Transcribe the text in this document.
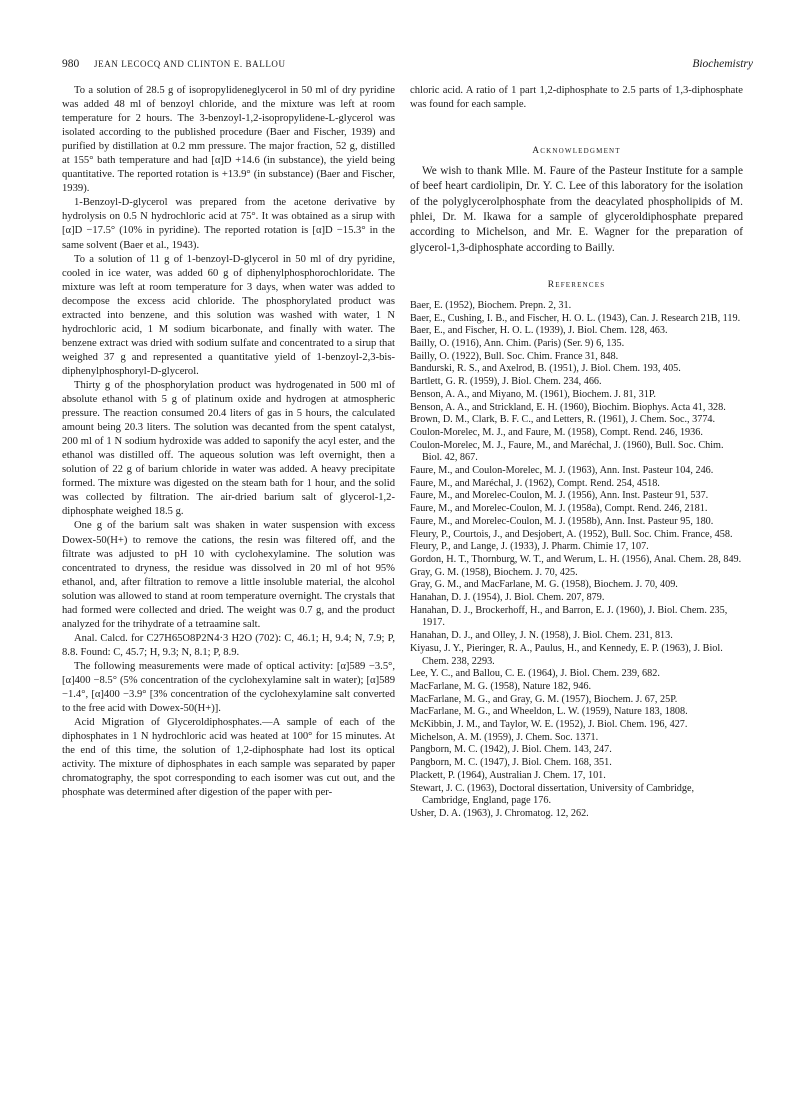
980 JEAN LECOCQ AND CLINTON E. BALLOU	Biochemistry

To a solution of 28.5 g of isopropylideneglycerol in 50 ml of dry pyridine was added 48 ml of benzoyl chloride, and the mixture was left at room temperature for 2 hours. The 3-benzoyl-1,2-isopropylidene-L-glycerol was isolated according to the published procedure (Baer and Fischer, 1939) and purified by distillation at 0.2 mm pressure. The major fraction, 52 g, distilled at 155° bath temperature and had [α]D +14.6 (in substance), the yield being quantitative. The reported rotation is +13.9° (in substance) (Baer and Fischer, 1939).

1-Benzoyl-D-glycerol was prepared from the acetone derivative by hydrolysis on 0.5 N hydrochloric acid at 75°. It was obtained as a sirup with [α]D −17.5° (10% in pyridine). The reported rotation is [α]D −15.3° in the same solvent (Baer et al., 1943).

To a solution of 11 g of 1-benzoyl-D-glycerol in 50 ml of dry pyridine, cooled in ice water, was added 60 g of diphenylphosphorochloridate. The mixture was left at room temperature for 3 days, when water was added to decompose the excess acid chloride. The phosphorylated product was extracted into benzene, and this solution was washed with water, 1 N hydrochloric acid, 1 M sodium bicarbonate, and finally with water. The benzene extract was dried with sodium sulfate and concentrated to a sirup that weighed 37 g and represented a quantitative yield of 1-benzoyl-2,3-bis-diphenylphosphoryl-D-glycerol.

Thirty g of the phosphorylation product was hydrogenated in 500 ml of absolute ethanol with 5 g of platinum oxide and hydrogen at atmospheric pressure. The reaction consumed 20.4 liters of gas in 5 hours, the calculated amount being 20.3 liters. The solution was decanted from the spent catalyst, 200 ml of 1 N sodium hydroxide was added to saponify the acyl ester, and the ethanol was distilled off. The aqueous solution was left overnight, then a solution of 22 g of barium chloride in water was added. A heavy precipitate formed. The mixture was digested on the steam bath for 1 hour, and the solid was collected by filtration. The air-dried barium salt of glycerol-1,2-diphosphate weighed 18.5 g.

One g of the barium salt was shaken in water suspension with excess Dowex-50(H+) to remove the cations, the resin was filtered off, and the filtrate was adjusted to pH 10 with cyclohexylamine. The solution was concentrated to dryness, the residue was dissolved in 20 ml of hot 95% ethanol, and, after filtration to remove a little insoluble material, the alcohol solution was allowed to stand at room temperature overnight. The crystals that had formed were collected and dried. The weight was 0.7 g, and the product analyzed for the trihydrate of a tetraamine salt.

Anal. Calcd. for C27H65O8P2N4·3 H2O (702): C, 46.1; H, 9.4; N, 7.9; P, 8.8. Found: C, 45.7; H, 9.3; N, 8.1; P, 8.9.

The following measurements were made of optical activity: [α]589 −3.5°, [α]400 −8.5° (5% concentration of the cyclohexylamine salt in water); [α]589 −1.4°, [α]400 −3.9° [3% concentration of the cyclohexylamine salt converted to the free acid with Dowex-50(H+)].

Acid Migration of Glyceroldiphosphates.—A sample of each of the diphosphates in 1 N hydrochloric acid was heated at 100° for 15 minutes. At the end of this time, the solution of 1,2-diphosphate had lost its optical activity. The mixture of diphosphates in each sample was separated by paper chromatography, the spot corresponding to each isomer was cut out, and the phosphate was determined after digestion of the paper with per-

chloric acid. A ratio of 1 part 1,2-diphosphate to 2.5 parts of 1,3-diphosphate was found for each sample.

Acknowledgment

We wish to thank Mlle. M. Faure of the Pasteur Institute for a sample of beef heart cardiolipin, Dr. Y. C. Lee of this laboratory for the isolation of the polyglycerolphosphate from the deacylated phospholipids of M. phlei, Dr. M. Ikawa for a sample of glyceroldiphosphate prepared according to Michelson, and Mr. E. Wagner for the preparation of glycerol-1,3-diphosphate according to Bailly.

References

Baer, E. (1952), Biochem. Prepn. 2, 31.

Baer, E., Cushing, I. B., and Fischer, H. O. L. (1943), Can. J. Research 21B, 119.

Baer, E., and Fischer, H. O. L. (1939), J. Biol. Chem. 128, 463.

Bailly, O. (1916), Ann. Chim. (Paris) (Ser. 9) 6, 135.

Bailly, O. (1922), Bull. Soc. Chim. France 31, 848.

Bandurski, R. S., and Axelrod, B. (1951), J. Biol. Chem. 193, 405.

Bartlett, G. R. (1959), J. Biol. Chem. 234, 466.

Benson, A. A., and Miyano, M. (1961), Biochem. J. 81, 31P.

Benson, A. A., and Strickland, E. H. (1960), Biochim. Biophys. Acta 41, 328.

Brown, D. M., Clark, B. F. C., and Letters, R. (1961), J. Chem. Soc., 3774.

Coulon-Morelec, M. J., and Faure, M. (1958), Compt. Rend. 246, 1936.

Coulon-Morelec, M. J., Faure, M., and Maréchal, J. (1960), Bull. Soc. Chim. Biol. 42, 867.

Faure, M., and Coulon-Morelec, M. J. (1963), Ann. Inst. Pasteur 104, 246.

Faure, M., and Maréchal, J. (1962), Compt. Rend. 254, 4518.

Faure, M., and Morelec-Coulon, M. J. (1956), Ann. Inst. Pasteur 91, 537.

Faure, M., and Morelec-Coulon, M. J. (1958a), Compt. Rend. 246, 2181.

Faure, M., and Morelec-Coulon, M. J. (1958b), Ann. Inst. Pasteur 95, 180.

Fleury, P., Courtois, J., and Desjobert, A. (1952), Bull. Soc. Chim. France, 458.

Fleury, P., and Lange, J. (1933), J. Pharm. Chimie 17, 107.

Gordon, H. T., Thornburg, W. T., and Werum, L. H. (1956), Anal. Chem. 28, 849.

Gray, G. M. (1958), Biochem. J. 70, 425.

Gray, G. M., and MacFarlane, M. G. (1958), Biochem. J. 70, 409.

Hanahan, D. J. (1954), J. Biol. Chem. 207, 879.

Hanahan, D. J., Brockerhoff, H., and Barron, E. J. (1960), J. Biol. Chem. 235, 1917.

Hanahan, D. J., and Olley, J. N. (1958), J. Biol. Chem. 231, 813.

Kiyasu, J. Y., Pieringer, R. A., Paulus, H., and Kennedy, E. P. (1963), J. Biol. Chem. 238, 2293.

Lee, Y. C., and Ballou, C. E. (1964), J. Biol. Chem. 239, 682.

MacFarlane, M. G. (1958), Nature 182, 946.

MacFarlane, M. G., and Gray, G. M. (1957), Biochem. J. 67, 25P.

MacFarlane, M. G., and Wheeldon, L. W. (1959), Nature 183, 1808.

McKibbin, J. M., and Taylor, W. E. (1952), J. Biol. Chem. 196, 427.

Michelson, A. M. (1959), J. Chem. Soc. 1371.

Pangborn, M. C. (1942), J. Biol. Chem. 143, 247.

Pangborn, M. C. (1947), J. Biol. Chem. 168, 351.

Plackett, P. (1964), Australian J. Chem. 17, 101.

Stewart, J. C. (1963), Doctoral dissertation, University of Cambridge, Cambridge, England, page 176.

Usher, D. A. (1963), J. Chromatog. 12, 262.
